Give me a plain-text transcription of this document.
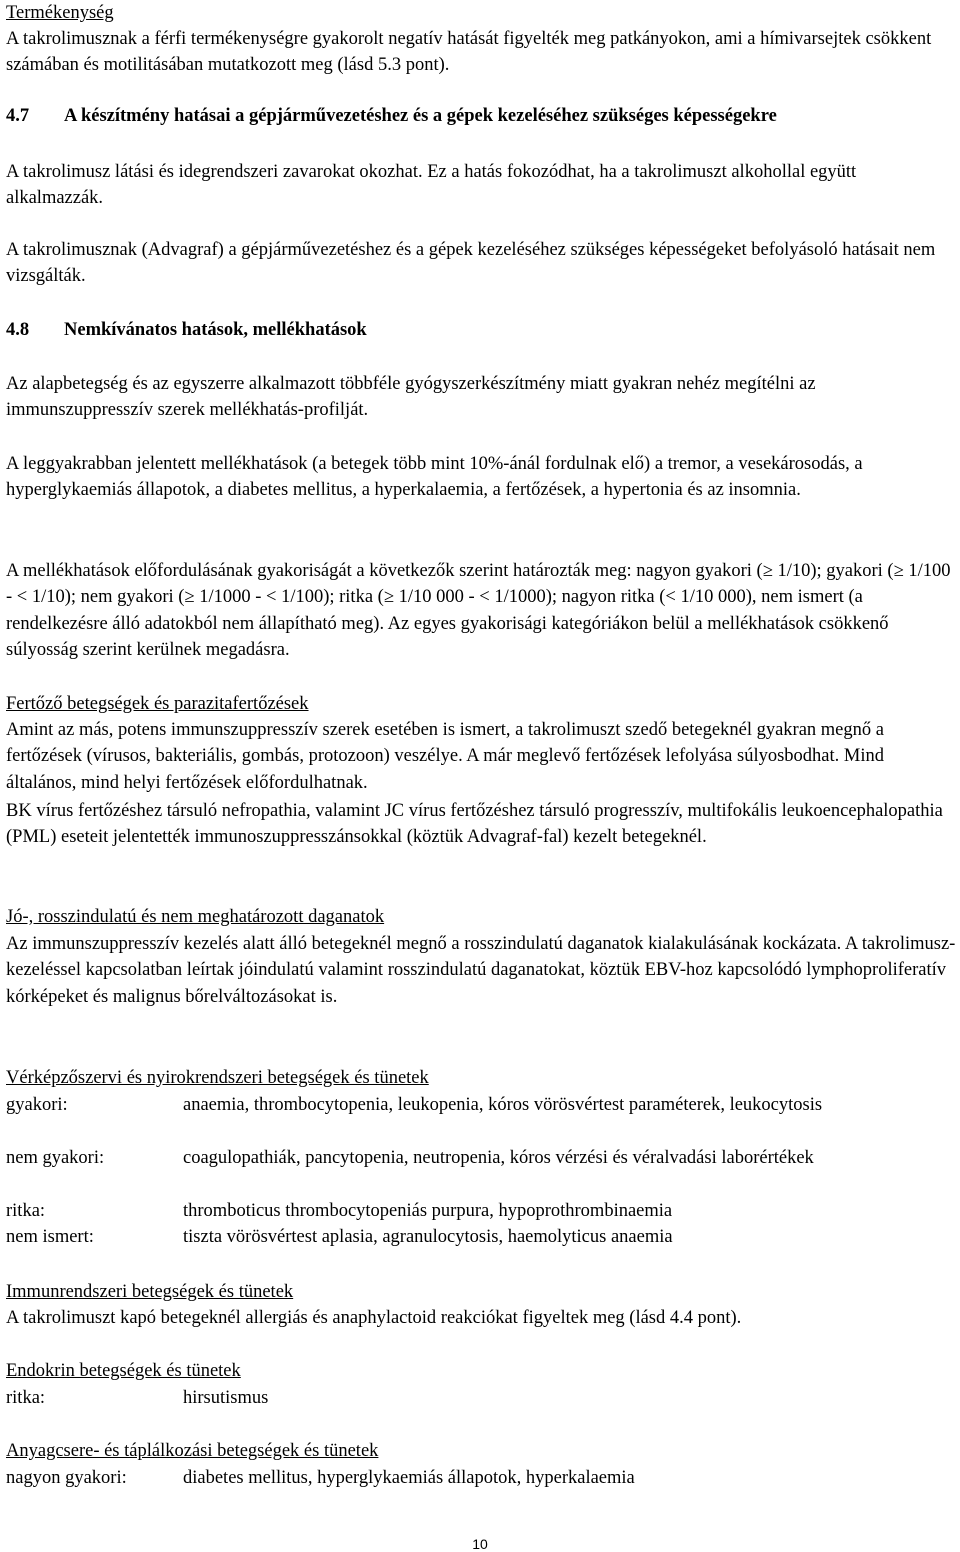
Termékenység

A takrolimusznak a férfi termékenységre gyakorolt negatív hatását figyelték meg patkányokon, ami a hímivarsejtek csökkent számában és motilitásában mutatkozott meg (lásd 5.3 pont).

4.7 A készítmény hatásai a gépjárművezetéshez és a gépek kezeléséhez szükséges képességekre

A takrolimusz látási és idegrendszeri zavarokat okozhat. Ez a hatás fokozódhat, ha a takrolimuszt alkohollal együtt alkalmazzák.

A takrolimusznak (Advagraf) a gépjárművezetéshez és a gépek kezeléséhez szükséges képességeket befolyásoló hatásait nem vizsgálták.

4.8 Nemkívánatos hatások, mellékhatások

Az alapbetegség és az egyszerre alkalmazott többféle gyógyszerkészítmény miatt gyakran nehéz megítélni az immunszuppresszív szerek mellékhatás-profilját.

A leggyakrabban jelentett mellékhatások (a betegek több mint 10%-ánál fordulnak elő) a tremor, a vesekárosodás, a hyperglykaemiás állapotok, a diabetes mellitus, a hyperkalaemia, a fertőzések, a hypertonia és az insomnia.

A mellékhatások előfordulásának gyakoriságát a következők szerint határozták meg: nagyon gyakori (≥ 1/10); gyakori (≥ 1/100 - < 1/10); nem gyakori (≥ 1/1000 - < 1/100); ritka (≥ 1/10 000 - < 1/1000); nagyon ritka (< 1/10 000), nem ismert (a rendelkezésre álló adatokból nem állapítható meg). Az egyes gyakorisági kategóriákon belül a mellékhatások csökkenő súlyosság szerint kerülnek megadásra.

Fertőző betegségek és parazitafertőzések

Amint az más, potens immunszuppresszív szerek esetében is ismert, a takrolimuszt szedő betegeknél gyakran megnő a fertőzések (vírusos, bakteriális, gombás, protozoon) veszélye. A már meglevő fertőzések lefolyása súlyosbodhat. Mind általános, mind helyi fertőzések előfordulhatnak.

BK vírus fertőzéshez társuló nefropathia, valamint JC vírus fertőzéshez társuló progresszív, multifokális leukoencephalopathia (PML) eseteit jelentették immunoszuppresszánsokkal (köztük Advagraf-fal) kezelt betegeknél.

Jó-, rosszindulatú és nem meghatározott daganatok

Az immunszuppresszív kezelés alatt álló betegeknél megnő a rosszindulatú daganatok kialakulásának kockázata. A takrolimusz-kezeléssel kapcsolatban leírtak jóindulatú valamint rosszindulatú daganatokat, köztük EBV-hoz kapcsolódó lymphoproliferatív kórképeket és malignus bőrelváltozásokat is.

Vérképzőszervi és nyirokrendszeri betegségek és tünetek

gyakori:	anaemia, thrombocytopenia, leukopenia, kóros vörösvértest paraméterek, leukocytosis
nem gyakori:	coagulopathiák, pancytopenia, neutropenia, kóros vérzési és véralvadási laborértékek
ritka:	thromboticus thrombocytopeniás purpura, hypoprothrombinaemia
nem ismert:	tiszta vörösvértest aplasia, agranulocytosis, haemolyticus anaemia

Immunrendszeri betegségek és tünetek

A takrolimuszt kapó betegeknél allergiás és anaphylactoid reakciókat figyeltek meg (lásd 4.4 pont).

Endokrin betegségek és tünetek

ritka:	hirsutismus

Anyagcsere- és táplálkozási betegségek és tünetek

nagyon gyakori:	diabetes mellitus, hyperglykaemiás állapotok, hyperkalaemia
10
